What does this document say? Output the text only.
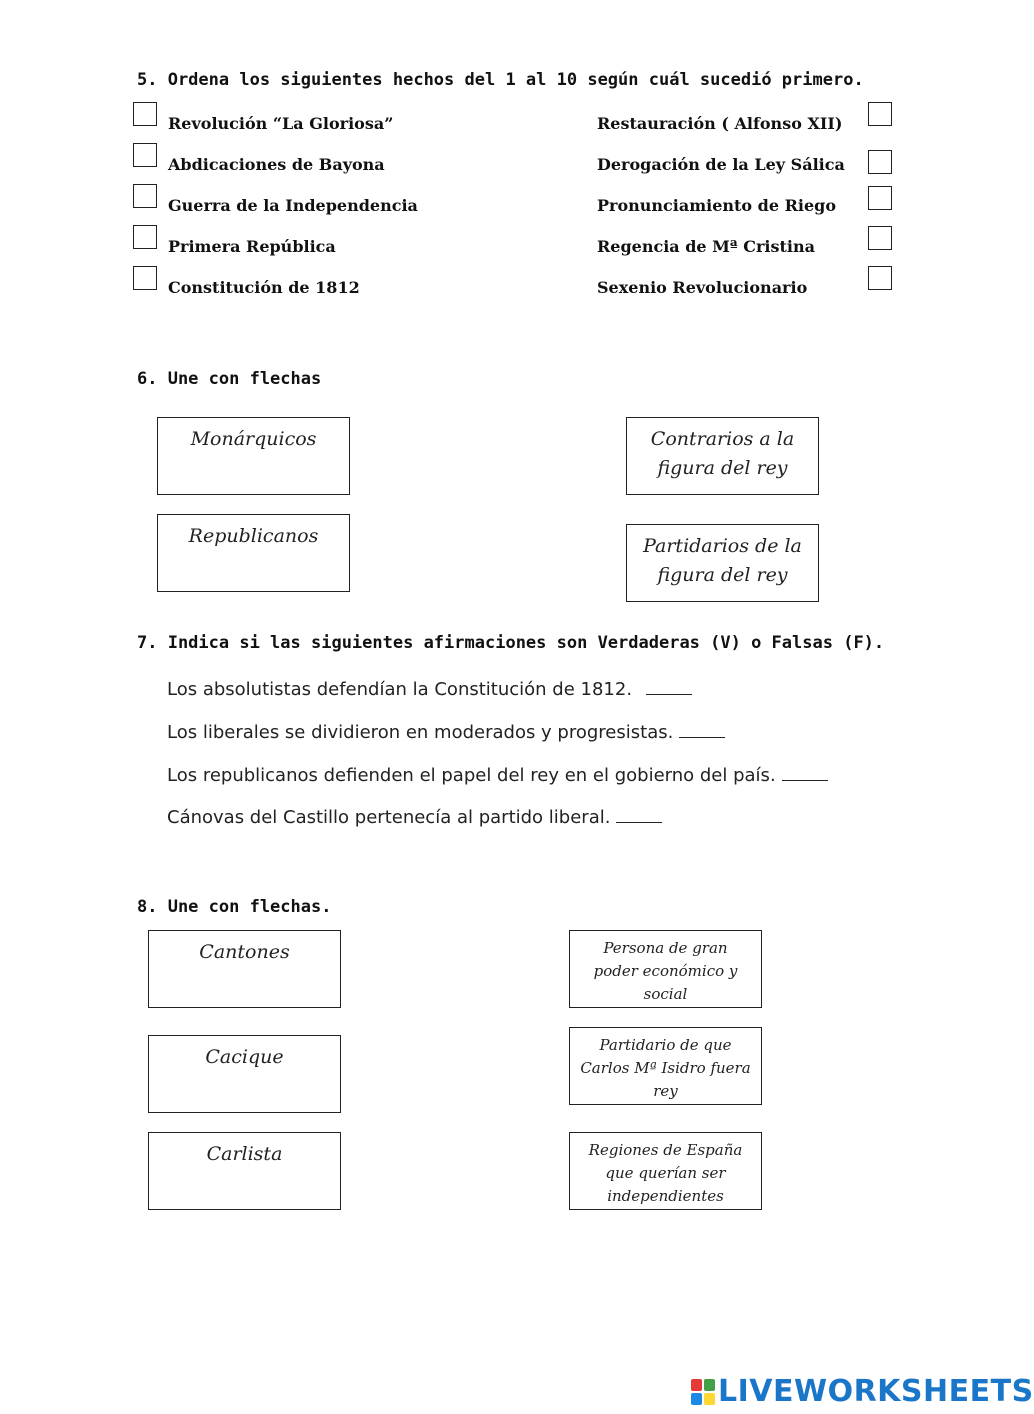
5. Ordena los siguientes hechos del 1 al 10 según cuál sucedió primero.
Revolución “La Gloriosa”
Abdicaciones de Bayona
Guerra de la Independencia
Primera República
Constitución de 1812
Restauración ( Alfonso XII)
Derogación de la Ley Sálica
Pronunciamiento de Riego
Regencia de Mª Cristina
Sexenio Revolucionario
6. Une con flechas
Monárquicos
Republicanos
Contrarios a la figura del rey
Partidarios de la figura del rey
7. Indica si las siguientes afirmaciones son Verdaderas (V) o Falsas (F).
Los absolutistas defendían la Constitución de 1812.
Los liberales se dividieron en moderados y progresistas.
Los republicanos defienden el papel del rey en el gobierno del país.
Cánovas del Castillo pertenecía al partido liberal.
8. Une con flechas.
Cantones
Cacique
Carlista
Persona de gran poder económico y social
Partidario de que Carlos Mª Isidro fuera rey
Regiones de España que querían ser independientes
LIVEWORKSHEETS
